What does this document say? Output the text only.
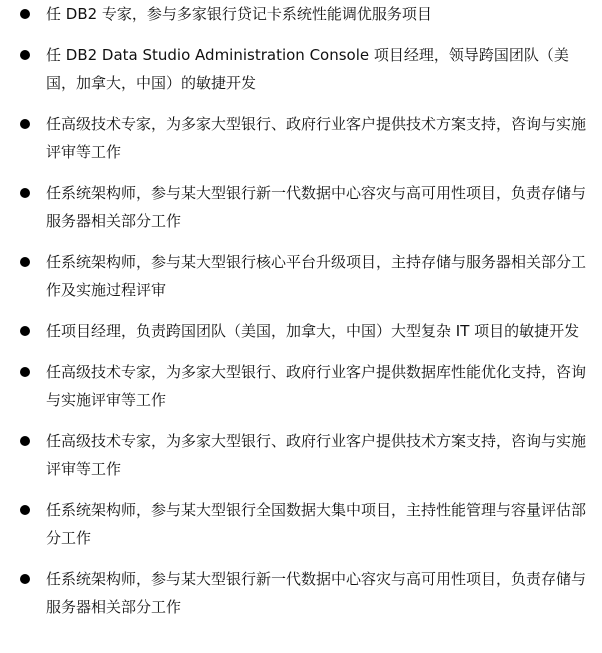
任 DB2 专家，参与多家银行贷记卡系统性能调优服务项目
任 DB2 Data Studio Administration Console 项目经理，领导跨国团队（美国，加拿大，中国）的敏捷开发
任高级技术专家，为多家大型银行、政府行业客户提供技术方案支持，咨询与实施评审等工作
任系统架构师，参与某大型银行新一代数据中心容灾与高可用性项目，负责存储与服务器相关部分工作
任系统架构师，参与某大型银行核心平台升级项目，主持存储与服务器相关部分工作及实施过程评审
任项目经理，负责跨国团队（美国，加拿大，中国）大型复杂 IT 项目的敏捷开发
任高级技术专家，为多家大型银行、政府行业客户提供数据库性能优化支持，咨询与实施评审等工作
任高级技术专家，为多家大型银行、政府行业客户提供技术方案支持，咨询与实施评审等工作
任系统架构师，参与某大型银行全国数据大集中项目，主持性能管理与容量评估部分工作
任系统架构师，参与某大型银行新一代数据中心容灾与高可用性项目，负责存储与服务器相关部分工作
